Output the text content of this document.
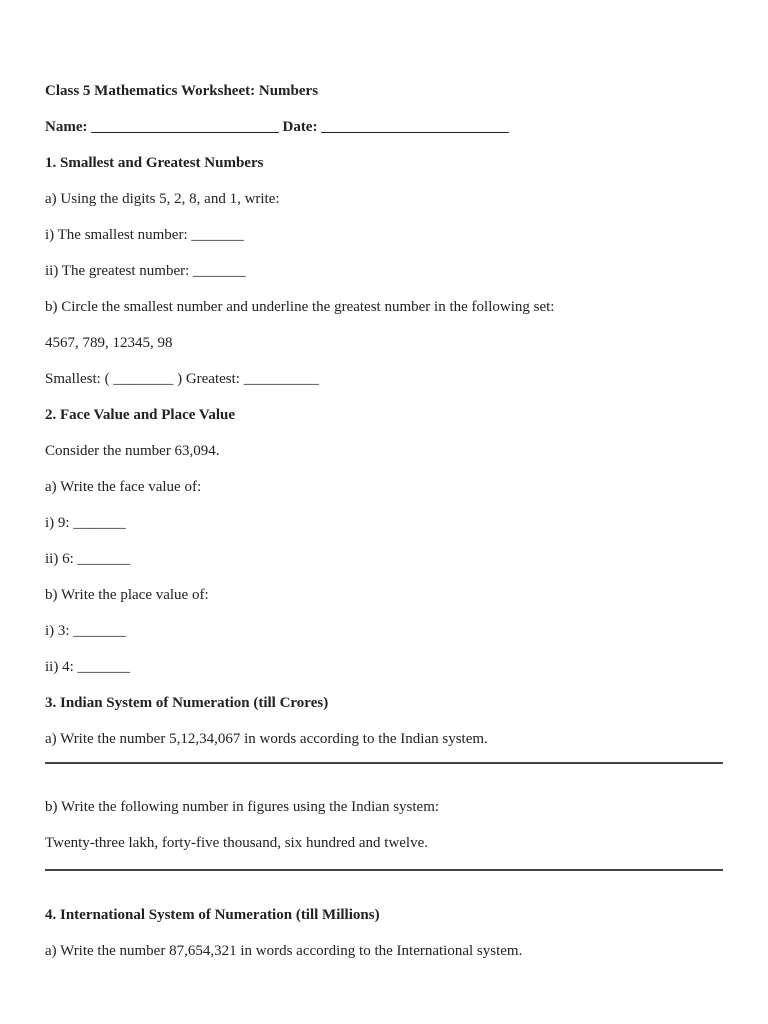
Class 5 Mathematics Worksheet: Numbers
Name: _________________________ Date: _________________________
1. Smallest and Greatest Numbers
a) Using the digits 5, 2, 8, and 1, write:
i) The smallest number: _______
ii) The greatest number: _______
b) Circle the smallest number and underline the greatest number in the following set:
4567, 789, 12345, 98
Smallest: ( ________ ) Greatest: __________
2. Face Value and Place Value
Consider the number 63,094.
a) Write the face value of:
i) 9: _______
ii) 6: _______
b) Write the place value of:
i) 3: _______
ii) 4: _______
3. Indian System of Numeration (till Crores)
a) Write the number 5,12,34,067 in words according to the Indian system.
b) Write the following number in figures using the Indian system:
Twenty-three lakh, forty-five thousand, six hundred and twelve.
4. International System of Numeration (till Millions)
a) Write the number 87,654,321 in words according to the International system.
